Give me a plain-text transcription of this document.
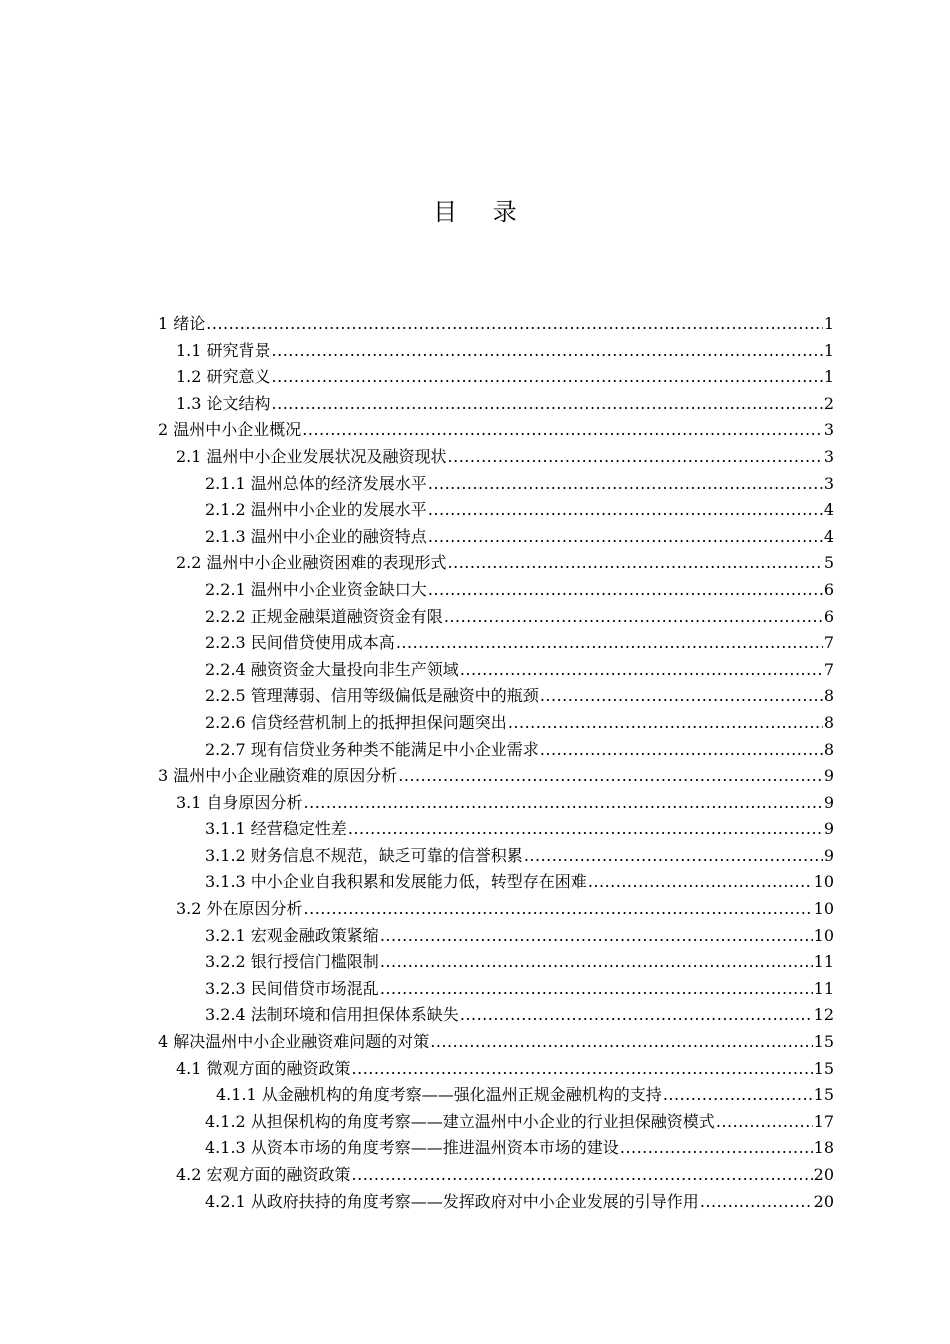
目 录
1 绪论 .....	1
1.1 研究背景 .....	1
1.2 研究意义 .....	1
1.3 论文结构 .....	2
2 温州中小企业概况 .....	3
2.1 温州中小企业发展状况及融资现状 .....	3
2.1.1 温州总体的经济发展水平 .....	3
2.1.2 温州中小企业的发展水平 .....	4
2.1.3 温州中小企业的融资特点 .....	4
2.2 温州中小企业融资困难的表现形式 .....	5
2.2.1 温州中小企业资金缺口大 .....	6
2.2.2 正规金融渠道融资资金有限 .....	6
2.2.3 民间借贷使用成本高 .....	7
2.2.4 融资资金大量投向非生产领域 .....	7
2.2.5 管理薄弱、信用等级偏低是融资中的瓶颈 .....	8
2.2.6 信贷经营机制上的抵押担保问题突出 .....	8
2.2.7 现有信贷业务种类不能满足中小企业需求 .....	8
3 温州中小企业融资难的原因分析 .....	9
3.1 自身原因分析 .....	9
3.1.1 经营稳定性差 .....	9
3.1.2 财务信息不规范，缺乏可靠的信誉积累 .....	9
3.1.3 中小企业自我积累和发展能力低，转型存在困难 .....	10
3.2 外在原因分析 .....	10
3.2.1 宏观金融政策紧缩 .....	10
3.2.2 银行授信门槛限制 .....	11
3.2.3 民间借贷市场混乱 .....	11
3.2.4 法制环境和信用担保体系缺失 .....	12
4 解决温州中小企业融资难问题的对策 .....	15
4.1 微观方面的融资政策 .....	15
4.1.1 从金融机构的角度考察——强化温州正规金融机构的支持 .....	15
4.1.2 从担保机构的角度考察——建立温州中小企业的行业担保融资模式 .....	17
4.1.3 从资本市场的角度考察——推进温州资本市场的建设 .....	18
4.2 宏观方面的融资政策 .....	20
4.2.1 从政府扶持的角度考察——发挥政府对中小企业发展的引导作用 .....	20
